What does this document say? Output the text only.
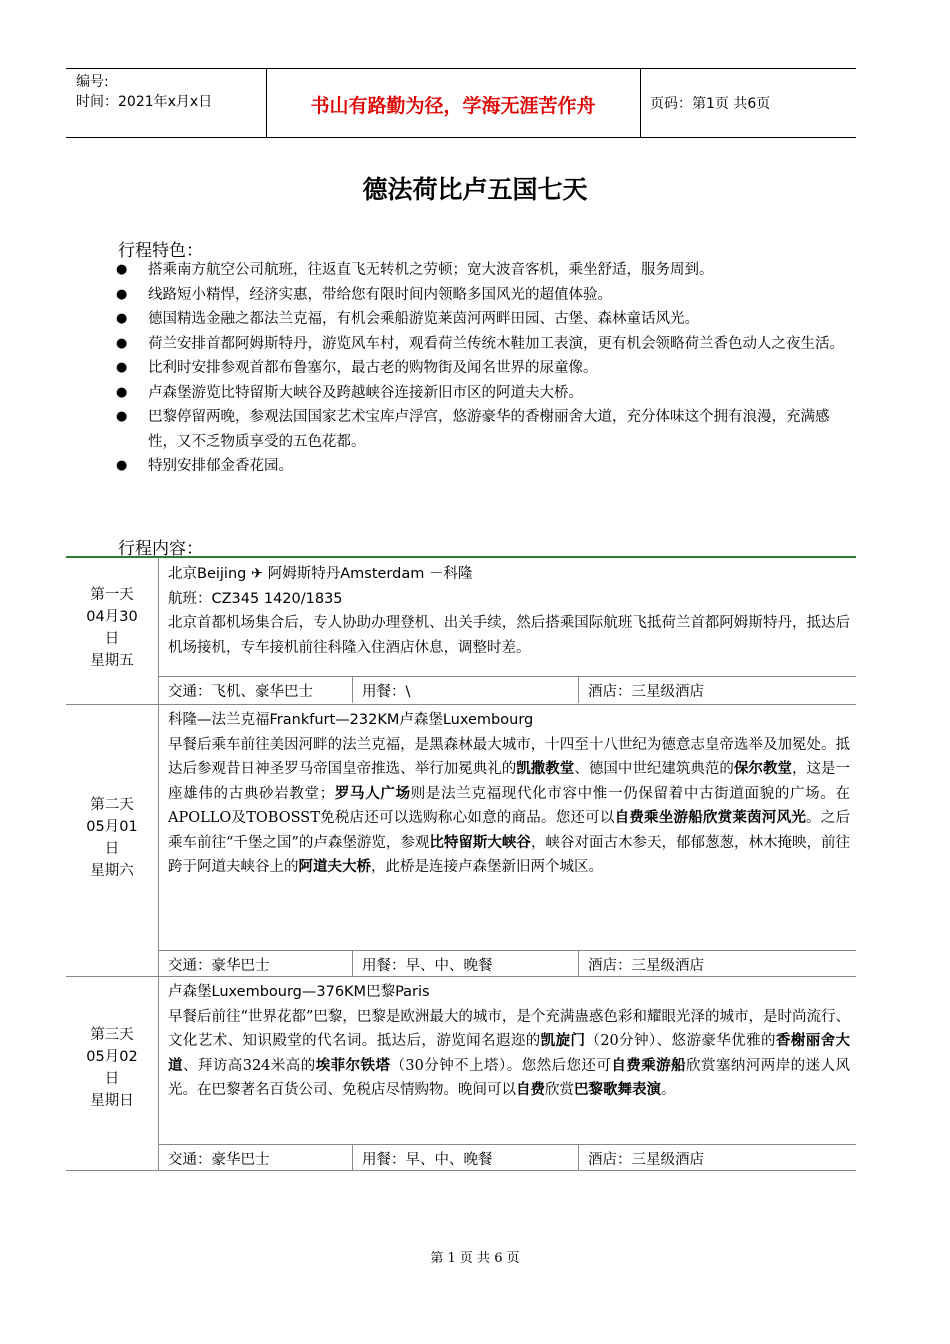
编号:
时间：2021年x月x日	书山有路勤为径，学海无涯苦作舟	页码：第1页 共6页
德法荷比卢五国七天
行程特色：
● 搭乘南方航空公司航班，往返直飞无转机之劳顿；宽大波音客机，乘坐舒适，服务周到。
● 线路短小精悍，经济实惠，带给您有限时间内领略多国风光的超值体验。
● 德国精选金融之都法兰克福，有机会乘船游览莱茵河两畔田园、古堡、森林童话风光。
● 荷兰安排首都阿姆斯特丹，游览风车村，观看荷兰传统木鞋加工表演，更有机会领略荷兰香色动人之夜生活。
● 比利时安排参观首都布鲁塞尔，最古老的购物街及闻名世界的尿童像。
● 卢森堡游览比特留斯大峡谷及跨越峡谷连接新旧市区的阿道夫大桥。
● 巴黎停留两晚，参观法国国家艺术宝库卢浮宫，悠游豪华的香榭丽舍大道，充分体味这个拥有浪漫，充满感性，又不乏物质享受的五色花都。
● 特别安排郁金香花园。
行程内容：
第一天
04月30
日
星期五
北京Beijing ✈ 阿姆斯特丹Amsterdam －科隆
航班：CZ345 1420/1835
北京首都机场集合后，专人协助办理登机、出关手续，然后搭乘国际航班飞抵荷兰首都阿姆斯特丹，抵达后机场接机，专车接机前往科隆入住酒店休息，调整时差。
交通：飞机、豪华巴士	用餐：\	酒店：三星级酒店
第二天
05月01
日
星期六
科隆—法兰克福Frankfurt—232KM卢森堡Luxembourg
早餐后乘车前往美因河畔的法兰克福，是黑森林最大城市，十四至十八世纪为德意志皇帝选举及加冕处。抵达后参观昔日神圣罗马帝国皇帝推选、举行加冕典礼的凯撒教堂、德国中世纪建筑典范的保尔教堂，这是一座雄伟的古典砂岩教堂；罗马人广场则是法兰克福现代化市容中惟一仍保留着中古街道面貌的广场。在APOLLO及TOBOSST免税店还可以选购称心如意的商品。您还可以自费乘坐游船欣赏莱茵河风光。之后乘车前往“千堡之国”的卢森堡游览，参观比特留斯大峡谷，峡谷对面古木参天，郁郁葱葱，林木掩映，前往跨于阿道夫峡谷上的阿道夫大桥，此桥是连接卢森堡新旧两个城区。
交通：豪华巴士	用餐：早、中、晚餐	酒店：三星级酒店
第三天
05月02
日
星期日
卢森堡Luxembourg—376KM巴黎Paris
早餐后前往“世界花都”巴黎，巴黎是欧洲最大的城市，是个充满蛊惑色彩和耀眼光泽的城市，是时尚流行、文化艺术、知识殿堂的代名词。抵达后，游览闻名遐迩的凯旋门（20分钟）、悠游豪华优雅的香榭丽舍大道、拜访高324米高的埃菲尔铁塔（30分钟不上塔）。您然后您还可自费乘游船欣赏塞纳河两岸的迷人风光。在巴黎著名百货公司、免税店尽情购物。晚间可以自费欣赏巴黎歌舞表演。
交通：豪华巴士	用餐：早、中、晚餐	酒店：三星级酒店
第 1 页 共 6 页
